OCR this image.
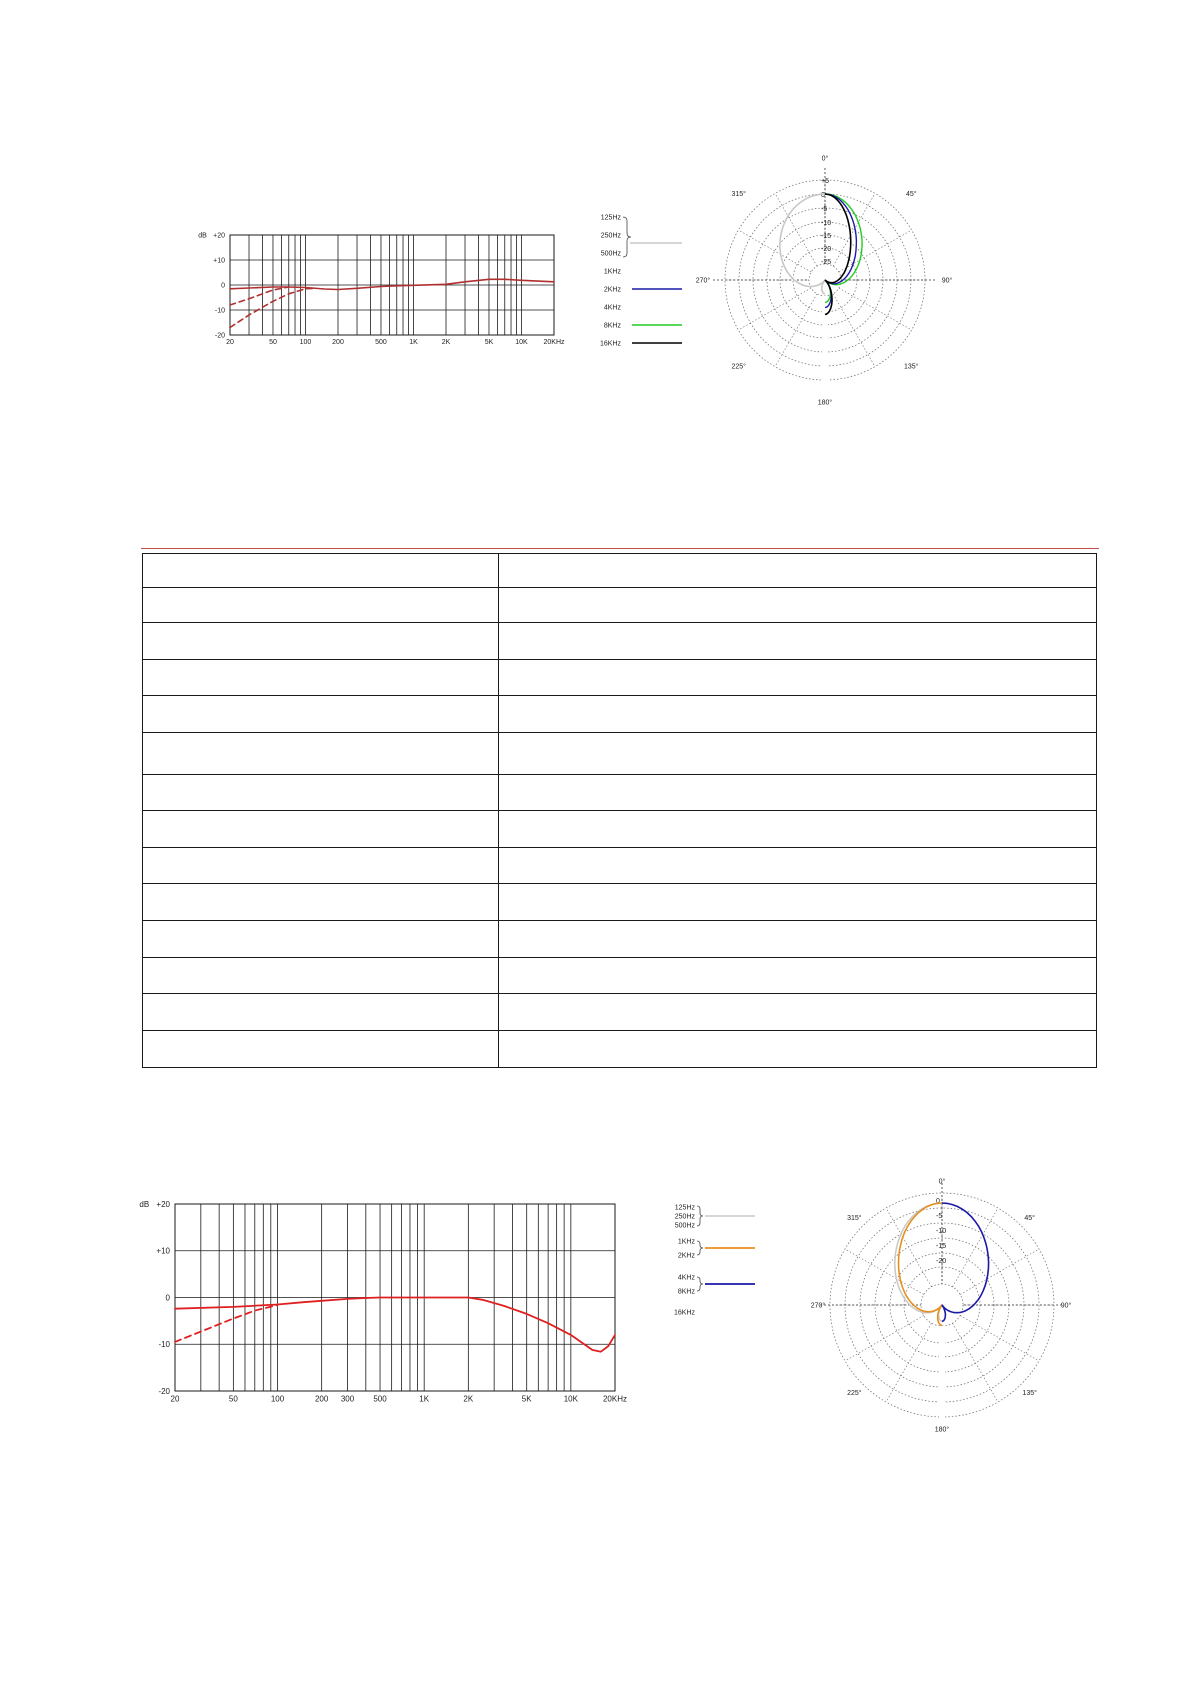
+20
+10
0
-10
-20
dB
20	50	100	200	500	1K	2K	5K	10K 20KHz
0°
45°
90°
135°
180°
225°
270°
315°
+5
0
-5
-10
-15
-20
-25
125Hz
250Hz
500Hz
1KHz
2KHz
4KHz
8KHz
16KHz

+20
+10
0
-10
-20
dB
20	50	100	200 300 500	1K	2K	5K	10K	20KHz
0°
45°
90°
135°
180°
225°
270°
315°
0
-5
-10
-15
-20
125Hz
250Hz
500Hz
1KHz
2KHz
4KHz
8KHz
16KHz
